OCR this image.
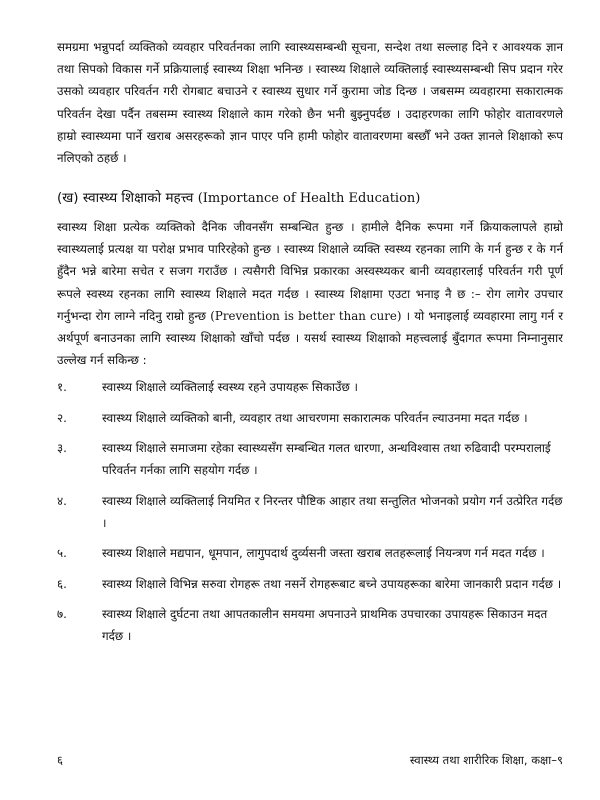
समग्रमा भन्नुपर्दा व्यक्तिको व्यवहार परिवर्तनका लागि स्वास्थ्यसम्बन्धी सूचना, सन्देश तथा सल्लाह दिने र आवश्यक ज्ञान तथा सिपको विकास गर्ने प्रक्रियालाई स्वास्थ्य शिक्षा भनिन्छ । स्वास्थ्य शिक्षाले व्यक्तिलाई स्वास्थ्यसम्बन्धी सिप प्रदान गरेर उसको व्यवहार परिवर्तन गरी रोगबाट बचाउने र स्वास्थ्य सुधार गर्ने कुरामा जोड दिन्छ । जबसम्म व्यवहारमा सकारात्मक परिवर्तन देखा पर्दैन तबसम्म स्वास्थ्य शिक्षाले काम गरेको छैन भनी बुझ्नुपर्दछ । उदाहरणका लागि फोहोर वातावरणले हाम्रो स्वास्थ्यमा पार्ने खराब असरहरूको ज्ञान पाएर पनि हामी फोहोर वातावरणमा बस्छौँ भने उक्त ज्ञानले शिक्षाको रूप नलिएको ठहर्छ ।

(ख) स्वास्थ्य शिक्षाको महत्त्व (Importance of Health Education)

स्वास्थ्य शिक्षा प्रत्येक व्यक्तिको दैनिक जीवनसँग सम्बन्धित हुन्छ । हामीले दैनिक रूपमा गर्ने क्रियाकलापले हाम्रो स्वास्थ्यलाई प्रत्यक्ष या परोक्ष प्रभाव पारिरहेको हुन्छ । स्वास्थ्य शिक्षाले व्यक्ति स्वस्थ्य रहनका लागि के गर्न हुन्छ र के गर्न हुँदैन भन्ने बारेमा सचेत र सजग गराउँछ । त्यसैगरी विभिन्न प्रकारका अस्वस्थ्यकर बानी व्यवहारलाई परिवर्तन गरी पूर्ण रूपले स्वस्थ्य रहनका लागि स्वास्थ्य शिक्षाले मदत गर्दछ । स्वास्थ्य शिक्षामा एउटा भनाइ नै छ :– रोग लागेर उपचार गर्नुभन्दा रोग लाग्ने नदिनु राम्रो हुन्छ (Prevention is better than cure) । यो भनाइलाई व्यवहारमा लागु गर्न र अर्थपूर्ण बनाउनका लागि स्वास्थ्य शिक्षाको खाँचो पर्दछ । यसर्थ स्वास्थ्य शिक्षाको महत्त्वलाई बुँदागत रूपमा निम्नानुसार उल्लेख गर्न सकिन्छ :

१.	स्वास्थ्य शिक्षाले व्यक्तिलाई स्वस्थ्य रहने उपायहरू सिकाउँछ ।
२.	स्वास्थ्य शिक्षाले व्यक्तिको बानी, व्यवहार तथा आचरणमा सकारात्मक परिवर्तन ल्याउनमा मदत गर्दछ ।
३.	स्वास्थ्य शिक्षाले समाजमा रहेका स्वास्थ्यसँग सम्बन्धित गलत धारणा, अन्धविश्वास तथा रुढिवादी परम्परालाई परिवर्तन गर्नका लागि सहयोग गर्दछ ।
४.	स्वास्थ्य शिक्षाले व्यक्तिलाई नियमित र निरन्तर पौष्टिक आहार तथा सन्तुलित भोजनको प्रयोग गर्न उत्प्रेरित गर्दछ ।
५.	स्वास्थ्य शिक्षाले मद्यपान, धूमपान, लागुपदार्थ दुर्व्यसनी जस्ता खराब लतहरूलाई नियन्त्रण गर्न मदत गर्दछ ।
६.	स्वास्थ्य शिक्षाले विभिन्न सरुवा रोगहरू तथा नसर्ने रोगहरूबाट बच्ने उपायहरूका बारेमा जानकारी प्रदान गर्दछ ।
७.	स्वास्थ्य शिक्षाले दुर्घटना तथा आपतकालीन समयमा अपनाउने प्राथमिक उपचारका उपायहरू सिकाउन मदत गर्दछ ।
६	स्वास्थ्य तथा शारीरिक शिक्षा, कक्षा–९
